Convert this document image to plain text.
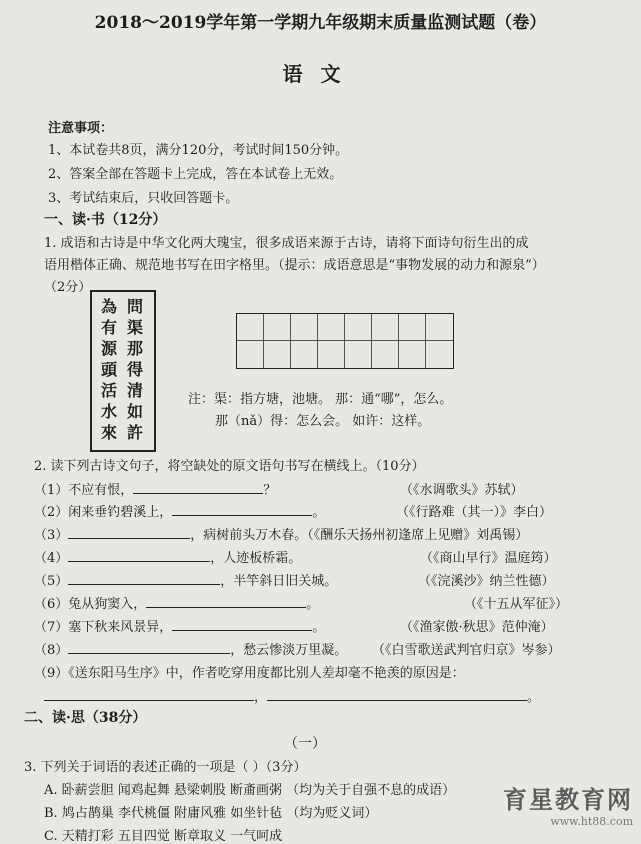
2018～2019学年第一学期九年级期末质量监测试题（卷）
语文
注意事项：
1、本试卷共8页，满分120分，考试时间150分钟。
2、答案全部在答题卡上完成，答在本试卷上无效。
3、考试结束后，只收回答题卡。
一、读·书（12分）
1. 成语和古诗是中华文化两大瑰宝，很多成语来源于古诗，请将下面诗句衍生出的成
语用楷体正确、规范地书写在田字格里。（提示：成语意思是“事物发展的动力和源泉”）
（2分）
為有源頭活水來
問渠那得清如許
注：渠：指方塘，池塘。 那：通“哪”，怎么。
那（nǎ）得：怎么会。 如许：这样。
2. 读下列古诗文句子，将空缺处的原文语句书写在横线上。（10分）
（1）不应有恨，	？	（《水调歌头》苏轼）
（2）闲来垂钓碧溪上，	。	（《行路难（其一）》李白）
（3）	，病树前头万木春。（《酬乐天扬州初逢席上见赠》刘禹锡）
（4）	，人迹板桥霜。	（《商山早行》温庭筠）
（5）	，半竿斜日旧关城。	（《浣溪沙》纳兰性德）
（6）兔从狗窦入，	。	（《十五从军征》）
（7）塞下秋来风景异，	。	（《渔家傲·秋思》范仲淹）
（8）	，愁云惨淡万里凝。 （《白雪歌送武判官归京》岑参）
（9）《送东阳马生序》中，作者吃穿用度都比别人差却毫不艳羡的原因是：
，	。
二、读·思（38分）
（一）
3. 下列关于词语的表述正确的一项是（ ）（3分）
A. 卧薪尝胆 闻鸡起舞 悬梁刺股 断齑画粥 （均为关于自强不息的成语）
B. 鸠占鹊巢 李代桃僵 附庸风雅 如坐针毡 （均为贬义词）
C. 天精打彩 五目四觉 断章取义 一气呵成
育星教育网
www.ht88.com
